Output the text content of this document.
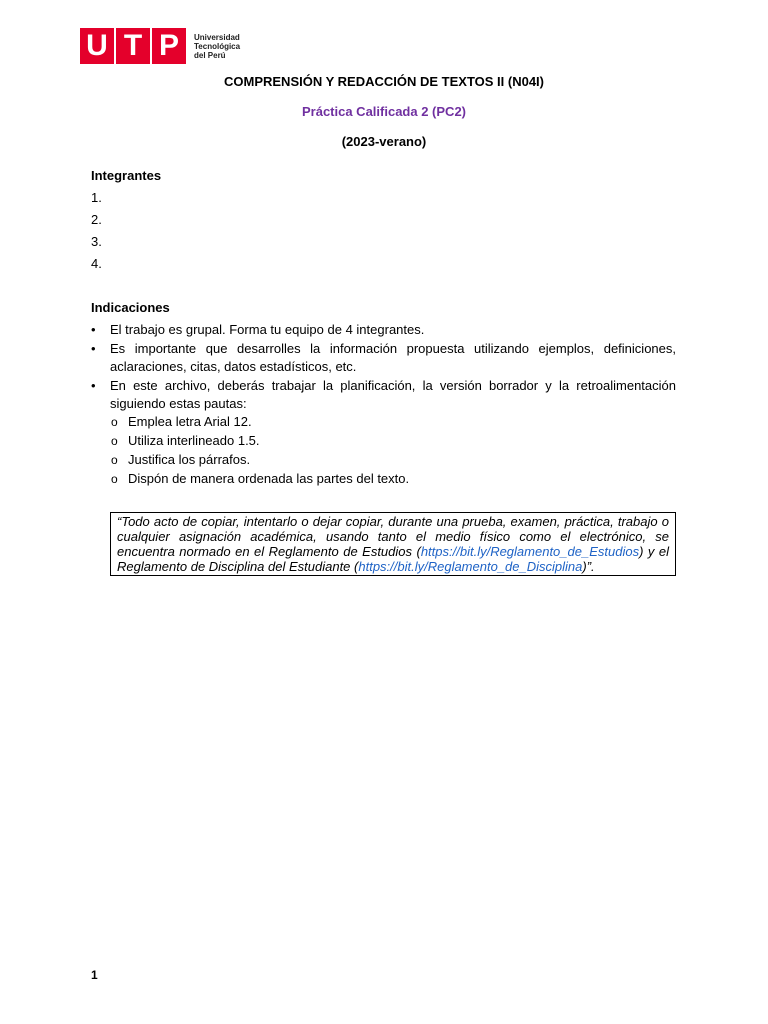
U T P	Universidad
Tecnológica
del Perú
COMPRENSIÓN Y REDACCIÓN DE TEXTOS II (N04I)
Práctica Calificada 2 (PC2)
(2023-verano)
Integrantes
1.
2.
3.
4.
Indicaciones
• El trabajo es grupal. Forma tu equipo de 4 integrantes.
• Es importante que desarrolles la información propuesta utilizando ejemplos, definiciones, aclaraciones, citas, datos estadísticos, etc.
• En este archivo, deberás trabajar la planificación, la versión borrador y la retroalimentación siguiendo estas pautas:
o Emplea letra Arial 12.
o Utiliza interlineado 1.5.
o Justifica los párrafos.
o Dispón de manera ordenada las partes del texto.
“Todo acto de copiar, intentarlo o dejar copiar, durante una prueba, examen, práctica, trabajo o cualquier asignación académica, usando tanto el medio físico como el electrónico, se encuentra normado en el Reglamento de Estudios (https://bit.ly/Reglamento_de_Estudios) y el Reglamento de Disciplina del Estudiante (https://bit.ly/Reglamento_de_Disciplina)”.
1
